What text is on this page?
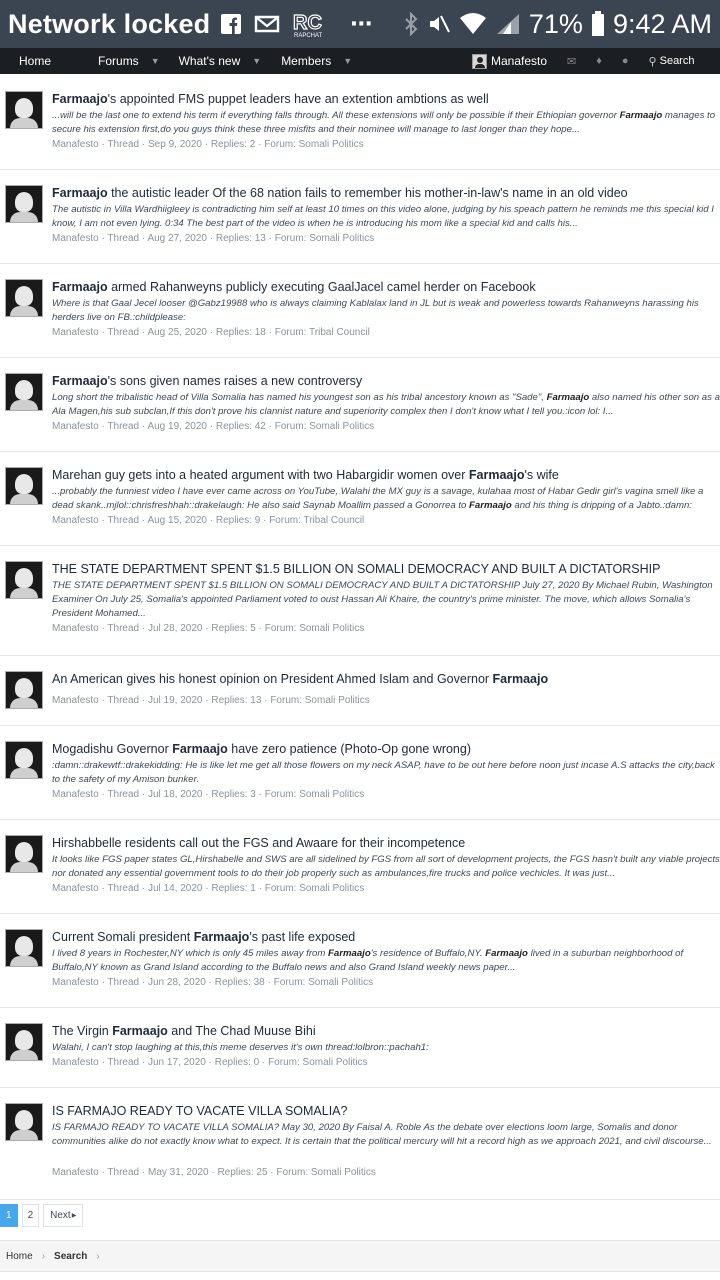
Network locked	RC
RAPCHAT ⋯	71% 9:42 AM
Home	Forums ▼ What's new ▼ Members ▼	Manafesto ✉ ♦ ● ⚲ Search
Farmaajo's appointed FMS puppet leaders have an extention ambtions as well
...will be the last one to extend his term if everything falls through. All these extensions will only be possible if their Ethiopian governor Farmaajo manages to secure his extension first,do you guys think these three misfits and their nominee will manage to last longer than they hope...
Manafesto · Thread · Sep 9, 2020 · Replies: 2 · Forum: Somali Politics
Farmaajo the autistic leader Of the 68 nation fails to remember his mother-in-law's name in an old video
The autistic in Villa Wardhiigleey is contradicting him self at least 10 times on this video alone, judging by his speach pattern he reminds me this special kid I know, I am not even lying. 0:34 The best part of the video is when he is introducing his mom like a special kid and calls his...
Manafesto · Thread · Aug 27, 2020 · Replies: 13 · Forum: Somali Politics
Farmaajo armed Rahanweyns publicly executing GaalJacel camel herder on Facebook
Where is that Gaal Jecel looser @Gabz19988 who is always claiming Kablalax land in JL but is weak and powerless towards Rahanweyns harassing his herders live on FB.:childplease:
Manafesto · Thread · Aug 25, 2020 · Replies: 18 · Forum: Tribal Council
Farmaajo's sons given names raises a new controversy
Long short the tribalistic head of Villa Somalia has named his youngest son as his tribal ancestory known as "Sade", Farmaajo also named his other son as a Ala Magen,his sub subclan,If this don't prove his clannist nature and superiority complex then I don't know what I tell you.:icon lol: I...
Manafesto · Thread · Aug 19, 2020 · Replies: 42 · Forum: Somali Politics
Marehan guy gets into a heated argument with two Habargidir women over Farmaajo's wife
...probably the funniest video I have ever came across on YouTube, Walahi the MX guy is a savage, kulahaa most of Habar Gedir girl's vagina smell like a dead skank..mjlol::chrisfreshhah::drakelaugh: He also said Saynab Moallim passed a Gonorrea to Farmaajo and his thing is dripping of a Jabto.:damn:
Manafesto · Thread · Aug 15, 2020 · Replies: 9 · Forum: Tribal Council
THE STATE DEPARTMENT SPENT $1.5 BILLION ON SOMALI DEMOCRACY AND BUILT A DICTATORSHIP
THE STATE DEPARTMENT SPENT $1.5 BILLION ON SOMALI DEMOCRACY AND BUILT A DICTATORSHIP July 27, 2020 By Michael Rubin, Washington Examiner On July 25, Somalia's appointed Parliament voted to oust Hassan Ali Khaire, the country's prime minister. The move, which allows Somalia's President Mohamed...
Manafesto · Thread · Jul 28, 2020 · Replies: 5 · Forum: Somali Politics
An American gives his honest opinion on President Ahmed Islam and Governor Farmaajo
Manafesto · Thread · Jul 19, 2020 · Replies: 13 · Forum: Somali Politics
Mogadishu Governor Farmaajo have zero patience (Photo-Op gone wrong)
:damn::drakewtf::drakekidding: He is like let me get all those flowers on my neck ASAP, have to be out here before noon just incase A.S attacks the city,back to the safety of my Amison bunker.
Manafesto · Thread · Jul 18, 2020 · Replies: 3 · Forum: Somali Politics
Hirshabbelle residents call out the FGS and Awaare for their incompetence
It looks like FGS paper states GL,Hirshabelle and SWS are all sidelined by FGS from all sort of development projects, the FGS hasn't built any viable projects nor donated any essential government tools to do their job properly such as ambulances,fire trucks and police vechicles. It was just...
Manafesto · Thread · Jul 14, 2020 · Replies: 1 · Forum: Somali Politics
Current Somali president Farmaajo's past life exposed
I lived 8 years in Rochester,NY which is only 45 miles away from Farmaajo's residence of Buffalo,NY. Farmaajo lived in a suburban neighborhood of Buffalo,NY known as Grand Island according to the Buffalo news and also Grand Island weekly news paper...
Manafesto · Thread · Jun 28, 2020 · Replies: 38 · Forum: Somali Politics
The Virgin Farmaajo and The Chad Muuse Bihi
Walahi, I can't stop laughing at this,this meme deserves it's own thread:lolbron::pachah1:
Manafesto · Thread · Jun 17, 2020 · Replies: 0 · Forum: Somali Politics
IS FARMAJO READY TO VACATE VILLA SOMALIA?
IS FARMAJO READY TO VACATE VILLA SOMALIA? May 30, 2020 By Faisal A. Roble As the debate over elections loom large, Somalis and donor communities alike do not exactly know what to expect. It is certain that the political mercury will hit a record high as we approach 2021, and civil discourse...
Manafesto · Thread · May 31, 2020 · Replies: 25 · Forum: Somali Politics
1	2	Next ▶
Home › Search ›
